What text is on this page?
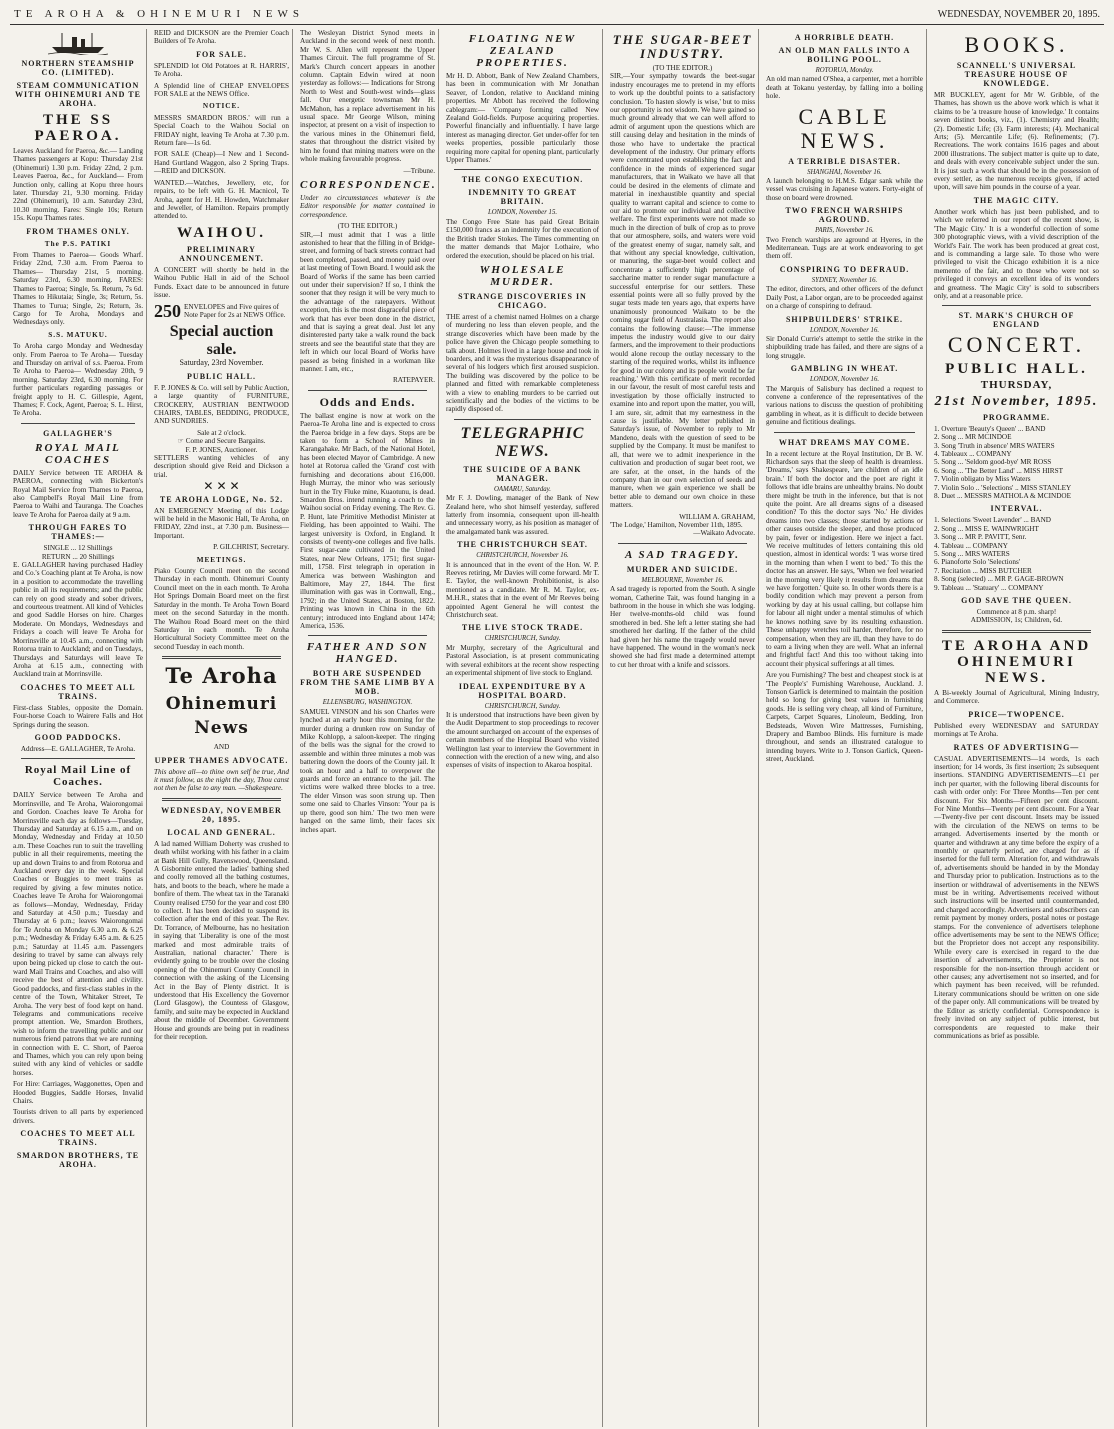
TE AROHA & OHINEMURI NEWS	WEDNESDAY, NOVEMBER 20, 1895.
NORTHERN STEAMSHIP CO. (LIMITED).
STEAM COMMUNICATION WITH OHINEMURI AND TE AROHA.
THE SS PAEROA.

Leaves Auckland for Paeroa, &c.— Landing Thames passengers at Kopu: Thursday 21st (Ohinemuri) 1.30 p.m. Friday 22nd, 2 p.m. Leaves Paeroa, &c., for Auckland— From Junction only, calling at Kopu three hours later. Thursday 21, 9.30 morning. Friday 22nd (Ohinemuri), 10 a.m. Saturday 23rd, 10.30 morning. Fares: Single 10s; Return 15s. Kopu Thames rates.

FROM THAMES ONLY.
The P.S. PATIKI

From Thames to Paeroa— Goods Wharf. Friday 22nd, 7.30 a.m. From Paeroa to Thames— Thursday 21st, 5 morning. Saturday 23rd, 6.30 morning. FARES: Thames to Paeroa; Single, 5s. Return, 7s 6d. Thames to Hikutaia; Single, 3s; Return, 5s. Thames to Turua; Single, 2s; Return, 3s. Cargo for Te Aroha, Mondays and Wednesdays only.

S.S. MATUKU.

To Aroha cargo Monday and Wednesday only. From Paeroa to Te Aroha— Tuesday and Thursday on arrival of s.s. Paeroa. From Te Aroha to Paeroa— Wednesday 20th, 9 morning. Saturday 23rd, 6.30 morning. For further particulars regarding passages or freight apply to H. C. Gillespie, Agent, Thames; F. Cock, Agent, Paeroa; S. L. Hirst, Te Aroha.

GALLAGHER'S
ROYAL MAIL COACHES

DAILY Service between TE AROHA & PAEROA, connecting with Bickerton's Royal Mail Service from Thames to Paeroa, also Campbell's Royal Mail Line from Paeroa to Waihi and Tauranga. The Coaches leave Te Aroha for Paeroa daily at 9 a.m.

THROUGH FARES TO THAMES:—
SINGLE ... 12 Shillings
RETURN ... 20 Shillings

E. GALLAGHER having purchased Hadley and Co.'s Coaching plant at Te Aroha, is now in a position to accommodate the travelling public in all its requirements; and the public can rely on good steady and sober drivers, and courteous treatment. All kind of Vehicles and good Saddle Horses on hire. Charges Moderate. On Mondays, Wednesdays and Fridays a coach will leave Te Aroha for Morrinsville at 10.45 a.m., connecting with Rotorua train to Auckland; and on Tuesdays, Thursdays and Saturdays will leave Te Aroha at 6.15 a.m., connecting with Auckland train at Morrinsville.

COACHES TO MEET ALL TRAINS.

First-class Stables, opposite the Domain. Four-horse Coach to Wairere Falls and Hot Springs during the season.

GOOD PADDOCKS.
Address—E. GALLAGHER, Te Aroha.
Royal Mail Line of Coaches.

DAILY Service between Te Aroha and Morrinsville, and Te Aroha, Waiorongomai and Gordon. Coaches leave Te Aroha for Morrinsville each day as follows—Tuesday, Thursday and Saturday at 6.15 a.m., and on Monday, Wednesday and Friday at 10.50 a.m. These Coaches run to suit the travelling public in all their requirements, meeting the up and down Trains to and from Rotorua and Auckland every day in the week. Special Coaches or Buggies to meet trains as required by giving a few minutes notice. Coaches leave Te Aroha for Waiorongomai as follows—Monday, Wednesday, Friday and Saturday at 4.50 p.m.; Tuesday and Thursday at 6 p.m.; leaves Waiorongomai for Te Aroha on Monday 6.30 a.m. & 6.25 p.m.; Wednesday & Friday 6.45 a.m. & 6.25 p.m.; Saturday at 11.45 a.m. Passengers desiring to travel by same can always rely upon being picked up close to catch the out-ward Mail Trains and Coaches, and also will receive the best of attention and civility. Good paddocks, and first-class stables in the centre of the Town, Whitaker Street, Te Aroha. The very best of food kept on hand. Telegrams and communications receive prompt attention. We, Smardon Brothers, wish to inform the travelling public and our numerous friend patrons that we are running in connection with E. C. Short, of Paeroa and Thames, which you can rely upon being suited with any kind of vehicles or saddle horses.

For Hire: Carriages, Waggonettes, Open and Hooded Buggies, Saddle Horses, Invalid Chairs.

Tourists driven to all parts by experienced drivers.

COACHES TO MEET ALL TRAINS.
SMARDON BROTHERS, TE AROHA.

REID and DICKSON are the Premier Coach Builders of Te Aroha.

FOR SALE.

SPLENDID lot Old Potatoes at R. HARRIS', Te Aroha.

A Splendid line of CHEAP ENVELOPES FOR SALE at the NEWS Office.

NOTICE.

MESSRS SMARDON BROS.' will run a Special Coach to the Waihou Social on FRIDAY night, leaving Te Aroha at 7.30 p.m. Return fare—1s 6d.

FOR SALE (Cheap)—I New and 1 Second-Hand Gurtland Waggon, also 2 Spring Traps.—REID and DICKSON.

WANTED.—Watches, Jewellery, etc, for repairs, to be left with G. H. Macnicol, Te Aroha, agent for H. H. Howden, Watchmaker and Jeweller, of Hamilton. Repairs promptly attended to.

WAIHOU.
PRELIMINARY ANNOUNCEMENT.

A CONCERT will shortly be held in the Waihou Public Hall in aid of the School Funds. Exact date to be announced in future issue.

250 ENVELOPES and Five quires of Note Paper for 2s at NEWS Office.
Special auction sale.
Saturday, 23rd November.
PUBLIC HALL.

F. P. JONES & Co. will sell by Public Auction, a large quantity of FURNITURE, CROCKERY, AUSTRIAN BENTWOOD CHAIRS, TABLES, BEDDING, PRODUCE, AND SUNDRIES.

Sale at 2 o'clock.
☞ Come and Secure Bargains.
F. P. JONES, Auctioneer.

SETTLERS wanting vehicles of any description should give Reid and Dickson a trial.

✕ ✕ ✕
TE AROHA LODGE, No. 52.

AN EMERGENCY Meeting of this Lodge will be held in the Masonic Hall, Te Aroha, on FRIDAY, 22nd inst., at 7.30 p.m. Business—Important.

P. GILCHRIST, Secretary.
MEETINGS.

Piako County Council meet on the second Thursday in each month. Ohinemuri County Council meet on the in each month. Te Aroha Hot Springs Domain Board meet on the first Saturday in the month. Te Aroha Town Board meet on the second Saturday in the month. The Waihou Road Board meet on the third Saturday in each month. Te Aroha Horticultural Society Committee meet on the second Tuesday in each month.

Te Aroha
Ohinemuri News
AND
UPPER THAMES ADVOCATE.

This above all—to thine own self be true, And it must follow, as the night the day, Thou canst not then be false to any man. —Shakespeare.

WEDNESDAY, NOVEMBER 20, 1895.
LOCAL AND GENERAL.

A lad named William Doherty was crushed to death whilst working with his father in a claim at Bank Hill Gully, Ravenswood, Queensland. A Gisbornite entered the ladies' bathing shed and coolly removed all the bathing costumes, hats, and boots to the beach, where he made a bonfire of them. The wheat tax in the Taranaki County realised £750 for the year and cost £80 to collect. It has been decided to suspend its collection after the end of this year. The Rev. Dr. Torrance, of Melbourne, has no hesitation in saying that 'Liberality is one of the most marked and most admirable traits of Australian, national character.' There is evidently going to be trouble over the closing opening of the Ohinemuri County Council in connection with the asking of the Licensing Act in the Bay of Plenty district. It is understood that His Excellency the Governor (Lord Glasgow), the Countess of Glasgow, family, and suite may be expected in Auckland about the middle of December. Government House and grounds are being put in readiness for their reception.

The Wesleyan District Synod meets in Auckland in the second week of next month. Mr W. S. Allen will represent the Upper Thames Circuit. The full programme of St. Mark's Church concert appears in another column. Captain Edwin wired at noon yesterday as follows:— Indications for Strong North to West and South-west winds—glass fall. Our energetic townsman Mr H. McMahon, has a replace advertisement in his usual space. Mr George Wilson, mining inspector, at present on a visit of inspection to the various mines in the Ohinemuri field, states that throughout the district visited by him he found that mining matters were on the whole making favourable progress.

—Tribune.
CORRESPONDENCE.

Under no circumstances whatever is the Editor responsible for matter contained in correspondence.

(TO THE EDITOR.)

SIR,—I must admit that I was a little astonished to hear that the filling in of Bridge-street, and forming of back streets contract had been completed, passed, and money paid over at last meeting of Town Board. I would ask the Board of Works if the same has been carried out under their supervision? If so, I think the sooner that they resign it will be very much to the advantage of the ratepayers. Without exception, this is the most disgraceful piece of work that has ever been done in the district, and that is saying a great deal. Just let any disinterested party take a walk round the back streets and see the beautiful state that they are left in which our local Board of Works have passed as being finished in a workman like manner. I am, etc.,

RATEPAYER.
Odds and Ends.

The ballast engine is now at work on the Paeroa-Te Aroha line and is expected to cross the Paeroa bridge in a few days. Steps are be taken to form a School of Mines in Karangahake. Mr Bach, of the National Hotel, has been elected Mayor of Cambridge. A new hotel at Rotorua called the 'Grand' cost with furnishing and decorations about £16,000. Hugh Murray, the minor who was seriously hurt in the Try Fluke mine, Kuaotunu, is dead. Smardon Bros. intend running a coach to the Waihou social on Friday evening. The Rev. G. P. Hunt, late Primitive Methodist Minister at Fielding, has been appointed to Waihi. The largest university is Oxford, in England. It consists of twenty-one colleges and five halls. First sugar-cane cultivated in the United States, near New Orleans, 1751; first sugar-mill, 1758. First telegraph in operation in America was between Washington and Baltimore, May 27, 1844. The first illumination with gas was in Cornwall, Eng., 1792; in the United States, at Boston, 1822. Printing was known in China in the 6th century; introduced into England about 1474; America, 1536.

FATHER AND SON HANGED.
BOTH ARE SUSPENDED FROM THE SAME LIMB BY A MOB.
ELLENSBURG, WASHINGTON.

SAMUEL VINSON and his son Charles were lynched at an early hour this morning for the murder during a drunken row on Sunday of Mike Kohlopp, a saloon-keeper. The ringing of the bells was the signal for the crowd to assemble and within three minutes a mob was battering down the doors of the County jail. It took an hour and a half to overpower the guards and force an entrance to the jail. The victims were walked three blocks to a tree. The elder Vinson was soon strung up. Then some one said to Charles Vinson: 'Your pa is up there, good son him.' The two men were hanged on the same limb, their faces six inches apart.

FLOATING NEW ZEALAND PROPERTIES.

Mr H. D. Abbott, Bank of New Zealand Chambers, has been in communication with Mr Jonathan Seaver, of London, relative to Auckland mining properties. Mr Abbott has received the following cablegram:— 'Company forming called New Zealand Gold-fields. Purpose acquiring properties. Powerful financially and influentially. I have large interest as managing director. Get under-offer for ten weeks properties, possible particularly those requiring more capital for opening plant, particularly Upper Thames.'

THE CONGO EXECUTION.
INDEMNITY TO GREAT BRITAIN.
LONDON, November 15.

The Congo Free State has paid Great Britain £150,000 francs as an indemnity for the execution of the British trader Stokes. The Times commenting on the matter demands that Major Lothaire, who ordered the execution, should be placed on his trial.

WHOLESALE MURDER.
STRANGE DISCOVERIES IN CHICAGO.

THE arrest of a chemist named Holmes on a charge of murdering no less than eleven people, and the strange discoveries which have been made by the police have given the Chicago people something to talk about. Holmes lived in a large house and took in boarders, and it was the mysterious disappearance of several of his lodgers which first aroused suspicion. The building was discovered by the police to be planned and fitted with remarkable completeness with a view to enabling murders to be carried out scientifically and the bodies of the victims to be rapidly disposed of.

TELEGRAPHIC NEWS.
THE SUICIDE OF A BANK MANAGER.
OAMARU, Saturday.

Mr F. J. Dowling, manager of the Bank of New Zealand here, who shot himself yesterday, suffered latterly from insomnia, consequent upon ill-health and unnecessary worry, as his position as manager of the amalgamated bank was assured.

THE CHRISTCHURCH SEAT.
CHRISTCHURCH, November 16.

It is announced that in the event of the Hon. W. P. Reeves retiring, Mr Davies will come forward. Mr T. E. Taylor, the well-known Prohibitionist, is also mentioned as a candidate. Mr R. M. Taylor, ex-M.H.R., states that in the event of Mr Reeves being appointed Agent General he will contest the Christchurch seat.

THE LIVE STOCK TRADE.
CHRISTCHURCH, Sunday.

Mr Murphy, secretary of the Agricultural and Pastoral Association, is at present communicating with several exhibitors at the recent show respecting an experimental shipment of live stock to England.

IDEAL EXPENDITURE BY A HOSPITAL BOARD.
CHRISTCHURCH, Sunday.

It is understood that instructions have been given by the Audit Department to stop proceedings to recover the amount surcharged on account of the expenses of certain members of the Hospital Board who visited Wellington last year to interview the Government in connection with the erection of a new wing, and also expenses of visits of inspection to Akaroa hospital.

THE SUGAR-BEET INDUSTRY.
(TO THE EDITOR.)

SIR,—Your sympathy towards the beet-sugar industry encourages me to pretend in my efforts to work up the doubtful points to a satisfactory conclusion. 'To hasten slowly is wise,' but to miss our opportunity is not wisdom. We have gained so much ground already that we can well afford to admit of argument upon the questions which are still causing delay and hesitation in the minds of those who have to undertake the practical development of the industry. Our primary efforts were concentrated upon establishing the fact and confidence in the minds of experienced sugar manufacturers, that in Waikato we have all that could be desired in the elements of climate and material in inexhaustible quantity and special quality to warrant capital and science to come to our aid to promote our individual and collective welfare. The first experiments were not made so much in the direction of bulk of crop as to prove that our atmosphere, soils, and waters were void of the greatest enemy of sugar, namely salt, and that without any special knowledge, cultivation, or manuring, the sugar-beet would collect and concentrate a sufficiently high percentage of saccharine matter to render sugar manufacture a successful enterprise for our settlers. These essential points were all so fully proved by the sugar tests made ten years ago, that experts have unanimously pronounced Waikato to be the coming sugar field of Australasia. The report also contains the following clause:—'The immense impetus the industry would give to our dairy farmers, and the improvement to their productions would alone recoup the outlay necessary to the starting of the required works, whilst its influence for good in our colony and its people would be far reaching.' With this certificate of merit recorded in our favour, the result of most careful tests and investigation by those officially instructed to examine into and report upon the matter, you will, I am sure, sir, admit that my earnestness in the cause is justifiable. My letter published in Saturday's issue, of November to reply to Mr Mandeno, deals with the question of seed to be supplied by the Company. It must be manifest to all, that were we to admit inexperience in the cultivation and production of sugar beet root, we are safer, at the onset, in the hands of the company than in our own selection of seeds and manure, when we gain experience we shall be better able to demand our own choice in these matters.

WILLIAM A. GRAHAM,
'The Lodge,' Hamilton, November 11th, 1895.
—Waikato Advocate.
A SAD TRAGEDY.
MURDER AND SUICIDE.
MELBOURNE, November 16.

A sad tragedy is reported from the South. A single woman, Catherine Tait, was found hanging in a bathroom in the house in which she was lodging. Her twelve-months-old child was found smothered in bed. She left a letter stating she had smothered her darling. If the father of the child had given her his name the tragedy would never have happened. The wound in the woman's neck showed she had first made a determined attempt to cut her throat with a knife and scissors.

A HORRIBLE DEATH.
AN OLD MAN FALLS INTO A BOILING POOL.
ROTORUA, Monday.

An old man named O'Shea, a carpenter, met a horrible death at Tokanu yesterday, by falling into a boiling hole.

CABLE NEWS.
A TERRIBLE DISASTER.
SHANGHAI, November 16.

A launch belonging to H.M.S. Edgar sank while the vessel was cruising in Japanese waters. Forty-eight of those on board were drowned.

TWO FRENCH WARSHIPS AGROUND.
PARIS, November 16.

Two French warships are aground at Hyeres, in the Mediterranean. Tugs are at work endeavoring to get them off.

CONSPIRING TO DEFRAUD.
SYDNEY, November 16.

The editor, directors, and other officers of the defunct Daily Post, a Labor organ, are to be proceeded against on a charge of conspiring to defraud.

SHIPBUILDERS' STRIKE.
LONDON, November 16.

Sir Donald Currie's attempt to settle the strike in the shipbuilding trade has failed, and there are signs of a long struggle.

GAMBLING IN WHEAT.
LONDON, November 16.

The Marquis of Salisbury has declined a request to convene a conference of the representatives of the various nations to discuss the question of prohibiting gambling in wheat, as it is difficult to decide between genuine and fictitious dealings.

WHAT DREAMS MAY COME.

In a recent lecture at the Royal Institution, Dr B. W. Richardson says that the sleep of health is dreamless. 'Dreams,' says Shakespeare, 'are children of an idle brain.' If both the doctor and the poet are right it follows that idle brains are unhealthy brains. No doubt there might be truth in the inference, but that is not quite the point. Are all dreams signs of a diseased condition? To this the doctor says 'No.' He divides dreams into two classes; those started by actions or other causes outside the sleeper, and those produced by pain, fever or indigestion. Here we inject a fact. We receive multitudes of letters containing this old question, almost in identical words: 'I was worse tired in the morning than when I went to bed.' To this the doctor has an answer. He says, 'When we feel wearied in the morning very likely it results from dreams that we have forgotten.' Quite so. In other words there is a bodily condition which may prevent a person from working by day at his usual calling, but collapse him for labour all night under a mental stimulus of which he knows nothing save by its resulting exhaustion. These unhappy wretches toil harder, therefore, for no compensation, when they are ill, than they have to do to earn a living when they are well. What an infernal and frightful fact! And this too without taking into account their physical sufferings at all times.

Are you Furnishing? The best and cheapest stock is at 'The People's' Furnishing Warehouse, Auckland. J. Tonson Garlick is determined to maintain the position held so long for giving best values in furnishing goods. He is selling very cheap, all kind of Furniture, Carpets, Carpet Squares, Linoleum, Bedding, Iron Bedsteads, Woven Wire Mattresses, Furnishing, Drapery and Bamboo Blinds. His furniture is made throughout, and sends an illustrated catalogue to intending buyers. Write to J. Tonson Garlick, Queen-street, Auckland.

BOOKS.
SCANNELL'S UNIVERSAL TREASURE HOUSE OF KNOWLEDGE.

MR BUCKLEY, agent for Mr W. Gribble, of the Thames, has shown us the above work which is what it claims to be 'a treasure house of knowledge.' It contains seven distinct books, viz., (1). Chemistry and Health; (2). Domestic Life; (3). Farm interests; (4). Mechanical Arts; (5). Mercantile Life; (6). Refinements; (7). Recreations. The work contains 1616 pages and about 2000 illustrations. The subject matter is quite up to date, and deals with every conceivable subject under the sun. It is just such a work that should be in the possession of every settler, as the numerous receipts given, if acted upon, will save him pounds in the course of a year.

THE MAGIC CITY.

Another work which has just been published, and to which we referred in our report of the recent show, is 'The Magic City.' It is a wonderful collection of some 300 photographic views, with a vivid description of the World's Fair. The work has been produced at great cost, and is commanding a large sale. To those who were privileged to visit the Chicago exhibition it is a nice memento of the fair, and to those who were not so privileged it conveys an excellent idea of its wonders and greatness. 'The Magic City' is sold to subscribers only, and at a reasonable price.

ST. MARK'S CHURCH OF ENGLAND
CONCERT.
PUBLIC HALL.
THURSDAY,
21st November, 1895.
PROGRAMME.
1. Overture 'Beauty's Queen' ... BAND
2. Song ... MR MCINDOE
3. Song 'Truth in absence' MRS WATERS
4. Tableaux ... COMPANY
5. Song ... 'Seldom good-bye' MR ROSS
6. Song ... 'The Better Land' ... MISS HIRST
7. Violin obligato by Miss Waters
7. Violin Solo .. 'Selections' .. MISS STANLEY
8. Duet ... MESSRS MATHOLA & MCINDOE
INTERVAL.
1. Selections 'Sweet Lavender' ... BAND
2. Song ... MISS E. WAINWRIGHT
3. Song ... MR P. PAVITT, Senr.
4. Tableau ... COMPANY
5. Song ... MRS WATERS
6. Pianoforte Solo 'Selections'
7. Recitation ... MISS BUTCHER
8. Song (selected) ... MR P. GAGE-BROWN
9. Tableau ... 'Statuary' ... COMPANY
GOD SAVE THE QUEEN.
Commence at 8 p.m. sharp!
ADMISSION, 1s; Children, 6d.
TE AROHA AND OHINEMURI NEWS.

A Bi-weekly Journal of Agricultural, Mining Industry, and Commerce.

PRICE—TWOPENCE.

Published every WEDNESDAY and SATURDAY mornings at Te Aroha.

RATES OF ADVERTISING—

CASUAL ADVERTISEMENTS—14 words, 1s each insertion; for 14 words, 3s first insertion; 2s subsequent insertions. STANDING ADVERTISEMENTS—£1 per inch per quarter, with the following liberal discounts for cash with order only: For Three Months—Ten per cent discount. For Six Months—Fifteen per cent discount. For Nine Months—Twenty per cent discount. For a Year—Twenty-five per cent discount. Insets may be issued with the circulation of the NEWS on terms to be arranged. Advertisements inserted by the month or quarter and withdrawn at any time before the expiry of a monthly or quarterly period, are charged for as if inserted for the full term. Alteration for, and withdrawals of, advertisements should be handed in by the Monday and Thursday prior to publication. Instructions as to the insertion or withdrawal of advertisements in the NEWS must be in writing. Advertisements received without such instructions will be inserted until countermanded, and charged accordingly. Advertisers and subscribers can remit payment by money orders, postal notes or postage stamps. For the convenience of advertisers telephone office advertisements may be sent to the NEWS Office; but the Proprietor does not accept any responsibility. While every care is exercised in regard to the due insertion of advertisements, the Proprietor is not responsible for the non-insertion through accident or other causes; any advertisement not so inserted, and for which payment has been received, will be refunded. Literary communications should be written on one side of the paper only. All communications will be treated by the Editor as strictly confidential. Correspondence is freely invited on any subject of public interest, but correspondents are requested to make their communications as brief as possible.
